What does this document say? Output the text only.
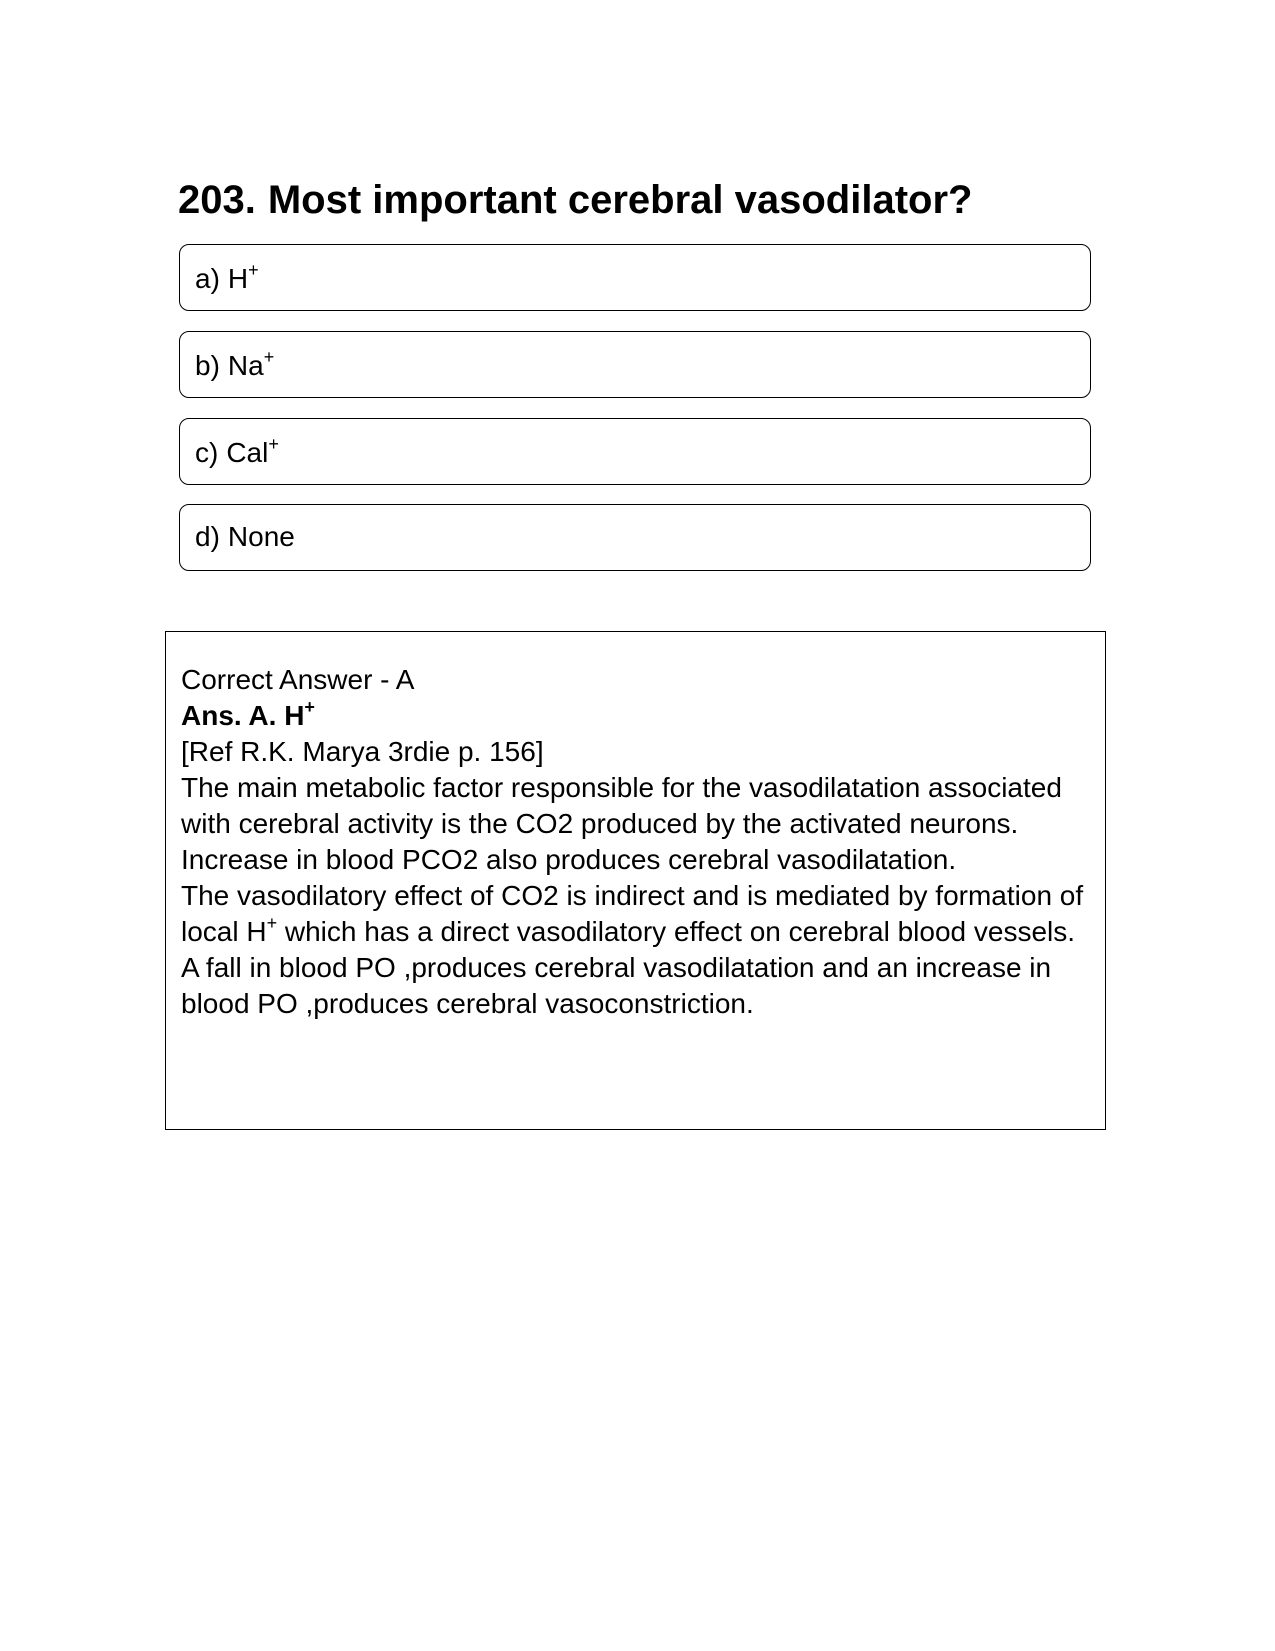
203. Most important cerebral vasodilator?
a) H+
b) Na+
c) Cal+
d) None

Correct Answer - A

Ans. A. H+

[Ref R.K. Marya 3rdie p. 156]

The main metabolic factor responsible for the vasodilatation associated with cerebral activity is the CO2 produced by the activated neurons.

Increase in blood PCO2 also produces cerebral vasodilatation.

The vasodilatory effect of CO2 is indirect and is mediated by formation of local H+ which has a direct vasodilatory effect on cerebral blood vessels.

A fall in blood PO ,produces cerebral vasodilatation and an increase in blood PO ,produces cerebral vasoconstriction.
